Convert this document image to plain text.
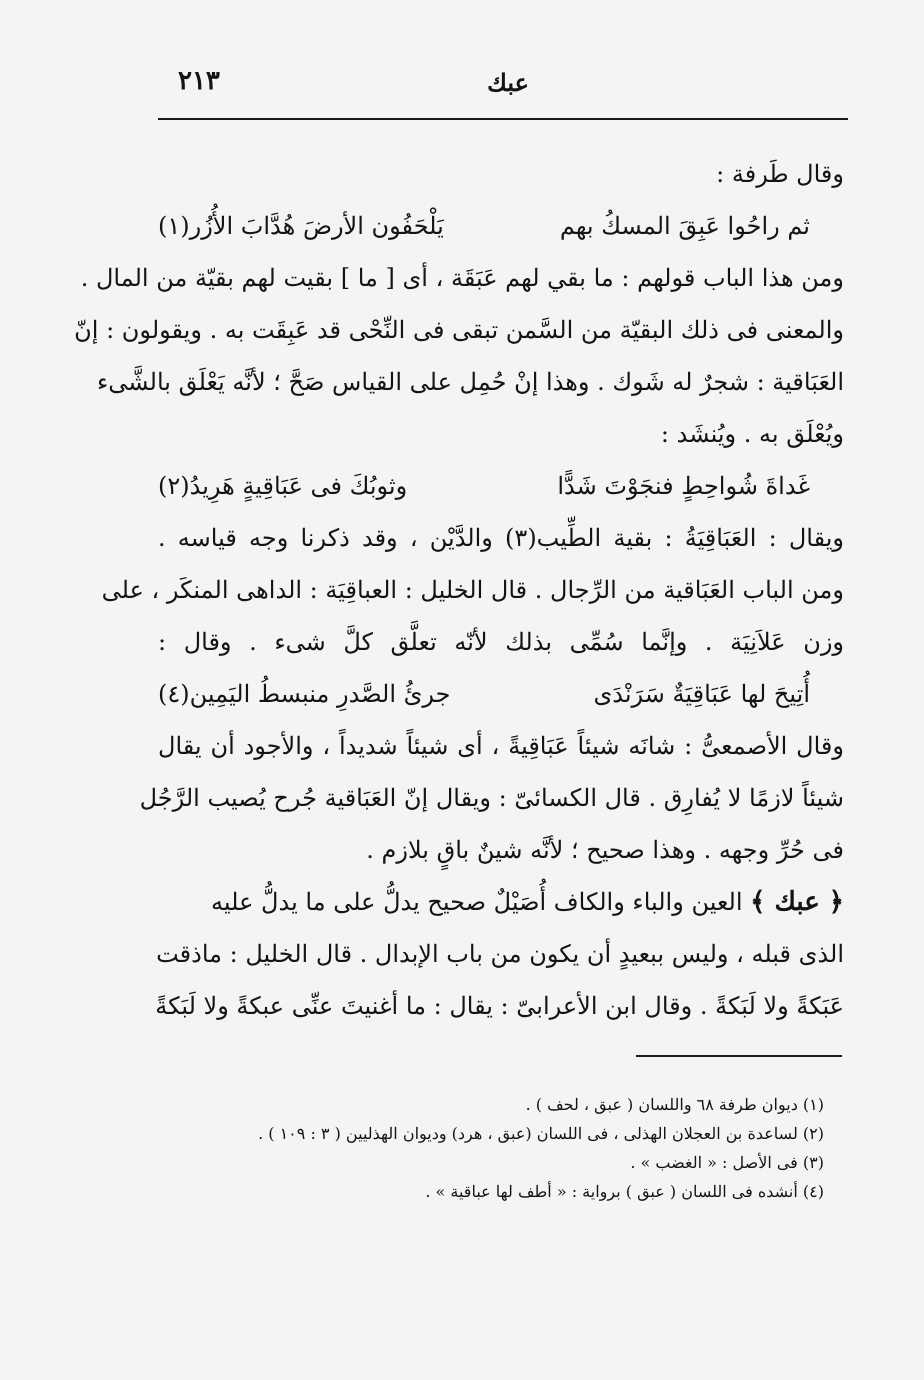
٢١٣	عبك
وقال طَرفة :
ثم راحُوا عَبِقَ المسكُ بهم
يَلْحَفُون الأرضَ هُدَّابَ الأُزُر(١)
ومن هذا الباب قولهم : ما بقي لهم عَبَقَة ، أى [ ما ] بقيت لهم بقيّة من المال .
والمعنى فى ذلك البقيّة من السَّمن تبقى فى النِّحْى قد عَبِقَت به . ويقولون : إنّ
العَبَاقية : شجرٌ له شَوك . وهذا إنْ حُمِل على القياس صَحَّ ؛ لأنَّه يَعْلَق بالشَّىء
ويُعْلَق به . ويُنشَد :
غَداةَ شُواحِطٍ فنجَوْتَ شَدًّا
وثوبُكَ فى عَبَاقِيةٍ هَرِيدُ(٢)
ويقال : العَبَاقِيَةُ : بقية الطِّيب(٣) والدَّيْن ، وقد ذكرنا وجه قياسه .
ومن الباب العَبَاقية من الرِّجال . قال الخليل : العباقِيَة : الداهى المنكَر ، على
وزن عَلاَنِيَة . وإنَّما سُمِّى بذلك لأنّه تعلَّق كلَّ شىء . وقال :
أُتِيحَ لها عَبَاقِيَةٌ سَرَنْدَى
جرئُ الصَّدرِ منبسطُ اليَمِين(٤)
وقال الأصمعىُّ : شانَه شيئاً عَبَاقِيةً ، أى شيئاً شديداً ، والأجود أن يقال
شيئاً لازمًا لا يُفارِق . قال الكسائىّ : ويقال إنّ العَبَاقية جُرح يُصيب الرَّجُل
فى حُرِّ وجهه . وهذا صحيح ؛ لأنَّه شينٌ باقٍ بلازم .
﴿ عبك ﴾ العين والباء والكاف أُصَيْلٌ صحيح يدلُّ على ما يدلُّ عليه
الذى قبله ، وليس ببعيدٍ أن يكون من باب الإبدال . قال الخليل : ماذقت
عَبَكةً ولا لَبَكةً . وقال ابن الأعرابىّ : يقال : ما أغنيتَ عنِّى عبكةً ولا لَبَكةً
(١) ديوان طرفة ٦٨ واللسان ( عبق ، لحف ) .
(٢) لساعدة بن العجلان الهذلى ، فى اللسان (عبق ، هرد) وديوان الهذليين ( ٣ : ١٠٩ ) .
(٣) فى الأصل : « الغضب » .
(٤) أنشده فى اللسان ( عبق ) برواية : « أطف لها عباقية » .
